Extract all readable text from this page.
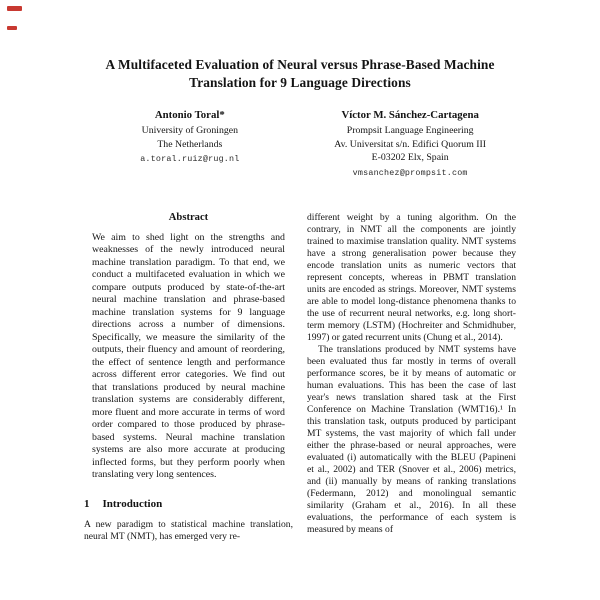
A Multifaceted Evaluation of Neural versus Phrase-Based Machine Translation for 9 Language Directions
Antonio Toral*
University of Groningen
The Netherlands
a.toral.ruiz@rug.nl
Víctor M. Sánchez-Cartagena
Prompsit Language Engineering
Av. Universitat s/n. Edifici Quorum III
E-03202 Elx, Spain
vmsanchez@prompsit.com
Abstract

We aim to shed light on the strengths and weaknesses of the newly introduced neural machine translation paradigm. To that end, we conduct a multifaceted evaluation in which we compare outputs produced by state-of-the-art neural machine translation and phrase-based machine translation systems for 9 language directions across a number of dimensions. Specifically, we measure the similarity of the outputs, their fluency and amount of reordering, the effect of sentence length and performance across different error categories. We find out that translations produced by neural machine translation systems are considerably different, more fluent and more accurate in terms of word order compared to those produced by phrase-based systems. Neural machine translation systems are also more accurate at producing inflected forms, but they perform poorly when translating very long sentences.

1 Introduction

A new paradigm to statistical machine translation, neural MT (NMT), has emerged very re-

different weight by a tuning algorithm. On the contrary, in NMT all the components are jointly trained to maximise translation quality. NMT systems have a strong generalisation power because they encode translation units as numeric vectors that represent concepts, whereas in PBMT translation units are encoded as strings. Moreover, NMT systems are able to model long-distance phenomena thanks to the use of recurrent neural networks, e.g. long short-term memory (LSTM) (Hochreiter and Schmidhuber, 1997) or gated recurrent units (Chung et al., 2014).

The translations produced by NMT systems have been evaluated thus far mostly in terms of overall performance scores, be it by means of automatic or human evaluations. This has been the case of last year's news translation shared task at the First Conference on Machine Translation (WMT16).¹ In this translation task, outputs produced by participant MT systems, the vast majority of which fall under either the phrase-based or neural approaches, were evaluated (i) automatically with the BLEU (Papineni et al., 2002) and TER (Snover et al., 2006) metrics, and (ii) manually by means of ranking translations (Federmann, 2012) and monolingual semantic similarity (Graham et al., 2016). In all these evaluations, the performance of each system is measured by means of
